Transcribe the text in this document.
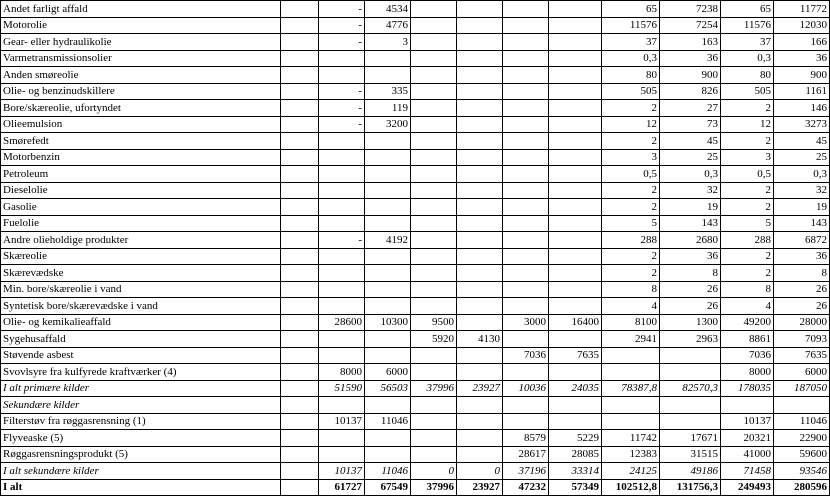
Andet farligt affald		-	4534					65	7238	65	11772
Motorolie		-	4776					11576	7254	11576	12030
Gear- eller hydraulikolie		-	3					37	163	37	166
Varmetransmissionsolier								0,3	36	0,3	36
Anden smøreolie								80	900	80	900
Olie- og benzinudskillere		-	335					505	826	505	1161
Bore/skæreolie, ufortyndet		-	119					2	27	2	146
Olieemulsion		-	3200					12	73	12	3273
Smørefedt								2	45	2	45
Motorbenzin								3	25	3	25
Petroleum								0,5	0,3	0,5	0,3
Dieselolie								2	32	2	32
Gasolie								2	19	2	19
Fuelolie								5	143	5	143
Andre olieholdige produkter		-	4192					288	2680	288	6872
Skæreolie								2	36	2	36
Skærevædske								2	8	2	8
Min. bore/skæreolie i vand								8	26	8	26
Syntetisk bore/skærevædske i vand								4	26	4	26
Olie- og kemikalieaffald		28600	10300	9500		3000	16400	8100	1300	49200	28000
Sygehusaffald				5920	4130			2941	2963	8861	7093
Støvende asbest						7036	7635			7036	7635
Svovlsyre fra kulfyrede kraftværker (4)		8000	6000							8000	6000
I alt primære kilder		51590	56503	37996	23927	10036	24035	78387,8	82570,3	178035	187050
Sekundære kilder											
Filterstøv fra røggasrensning (1)		10137	11046							10137	11046
Flyveaske (5)						8579	5229	11742	17671	20321	22900
Røggasrensningsprodukt (5)						28617	28085	12383	31515	41000	59600
I alt sekundære kilder		10137	11046	0	0	37196	33314	24125	49186	71458	93546
I alt		61727	67549	37996	23927	47232	57349	102512,8	131756,3	249493	280596
